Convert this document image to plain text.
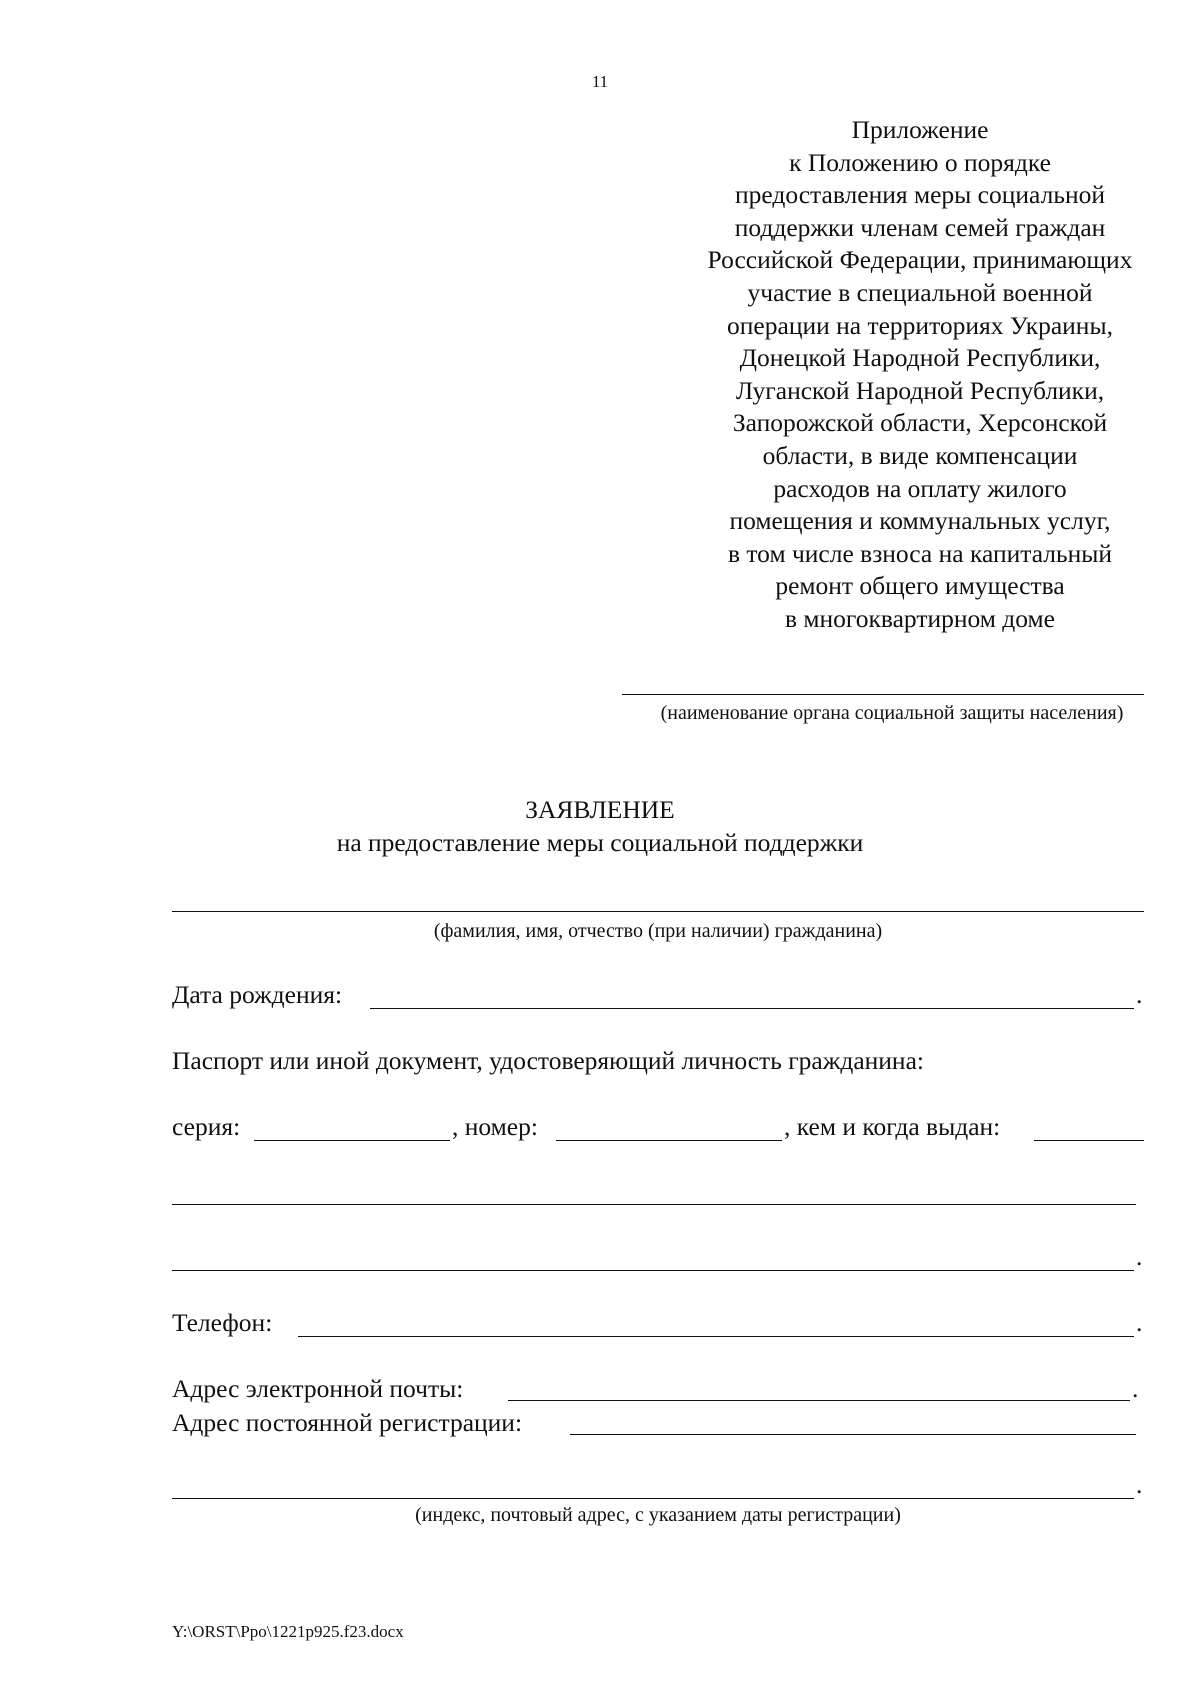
11
Приложение
к Положению о порядке
предоставления меры социальной
поддержки членам семей граждан
Российской Федерации, принимающих
участие в специальной военной
операции на территориях Украины,
Донецкой Народной Республики,
Луганской Народной Республики,
Запорожской области, Херсонской
области, в виде компенсации
расходов на оплату жилого
помещения и коммунальных услуг,
в том числе взноса на капитальный
ремонт общего имущества
в многоквартирном доме
(наименование органа социальной защиты населения)
ЗАЯВЛЕНИЕ
на предоставление меры социальной поддержки
(фамилия, имя, отчество (при наличии) гражданина)
Дата рождения:	.
Паспорт или иной документ, удостоверяющий личность гражданина:
серия:	, номер:	, кем и когда выдан:
.
Телефон:	.
Адрес электронной почты:	.
Адрес постоянной регистрации:
.
(индекс, почтовый адрес, с указанием даты регистрации)
Y:\ORST\Ppo\1221p925.f23.docx
